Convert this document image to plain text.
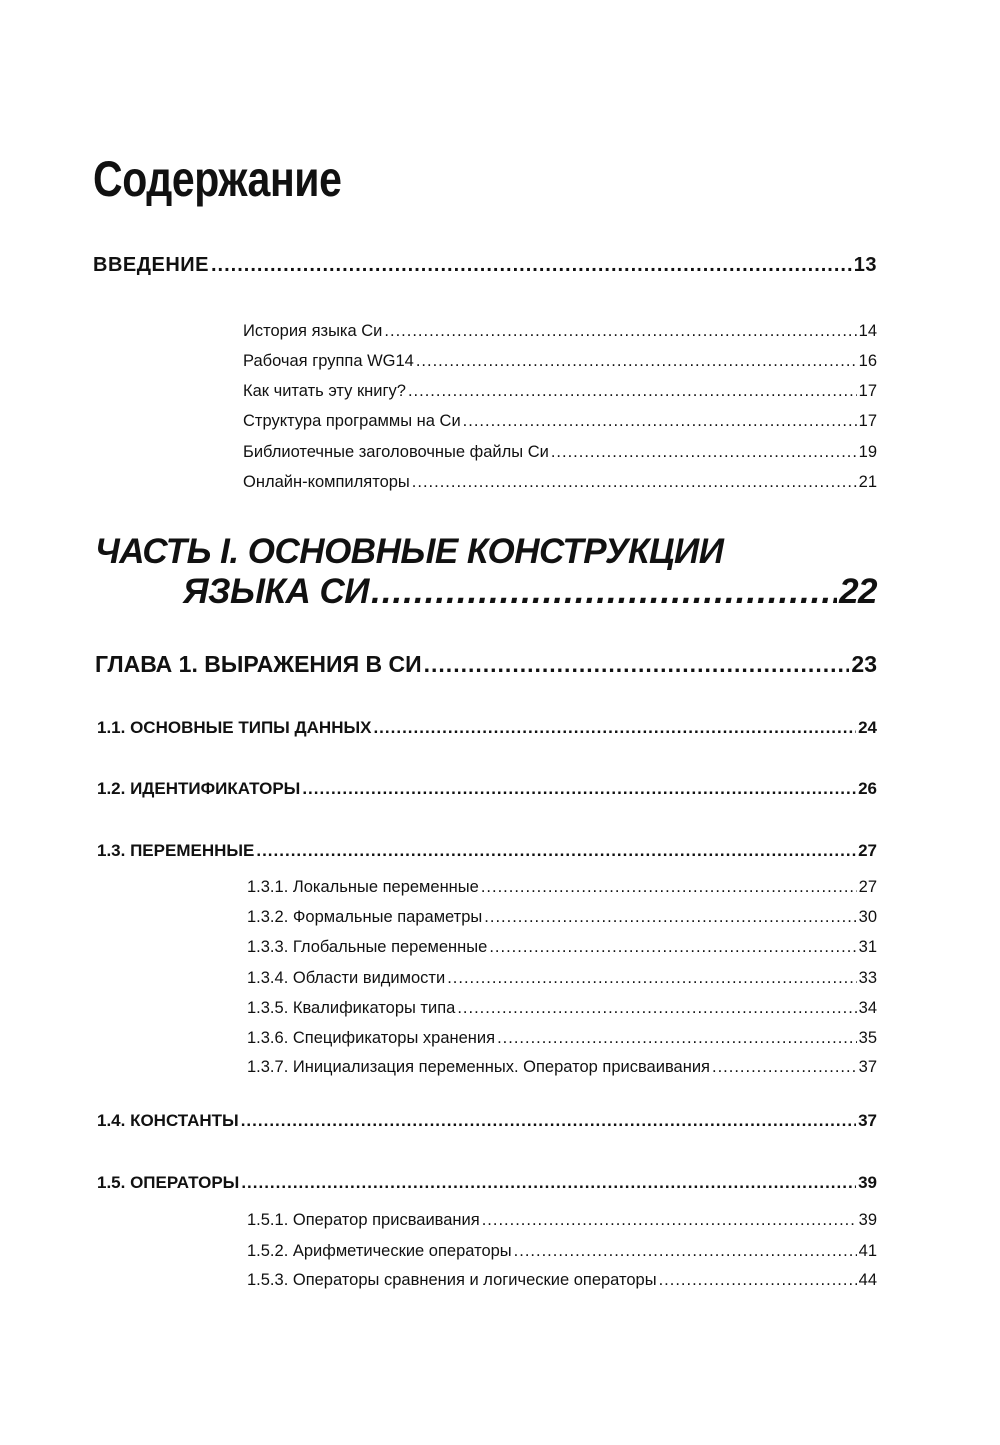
Содержание
ВВЕДЕНИЕ .....	13
История языка Си .....	14
Рабочая группа WG14 .....	16
Как читать эту книгу? .....	17
Структура программы на Си .....	17
Библиотечные заголовочные файлы Си .....	19
Онлайн-компиляторы .....	21
ЧАСТЬ I. ОСНОВНЫЕ КОНСТРУКЦИИ
ЯЗЫКА СИ .....	22
ГЛАВА 1. ВЫРАЖЕНИЯ В СИ .....	23
1.1. ОСНОВНЫЕ ТИПЫ ДАННЫХ .....	24
1.2. ИДЕНТИФИКАТОРЫ .....	26
1.3. ПЕРЕМЕННЫЕ .....	27
1.3.1. Локальные переменные .....	27
1.3.2. Формальные параметры .....	30
1.3.3. Глобальные переменные .....	31
1.3.4. Области видимости .....	33
1.3.5. Квалификаторы типа .....	34
1.3.6. Спецификаторы хранения .....	35
1.3.7. Инициализация переменных. Оператор присваивания .....	37
1.4. КОНСТАНТЫ .....	37
1.5. ОПЕРАТОРЫ .....	39
1.5.1. Оператор присваивания .....	39
1.5.2. Арифметические операторы .....	41
1.5.3. Операторы сравнения и логические операторы .....	44
